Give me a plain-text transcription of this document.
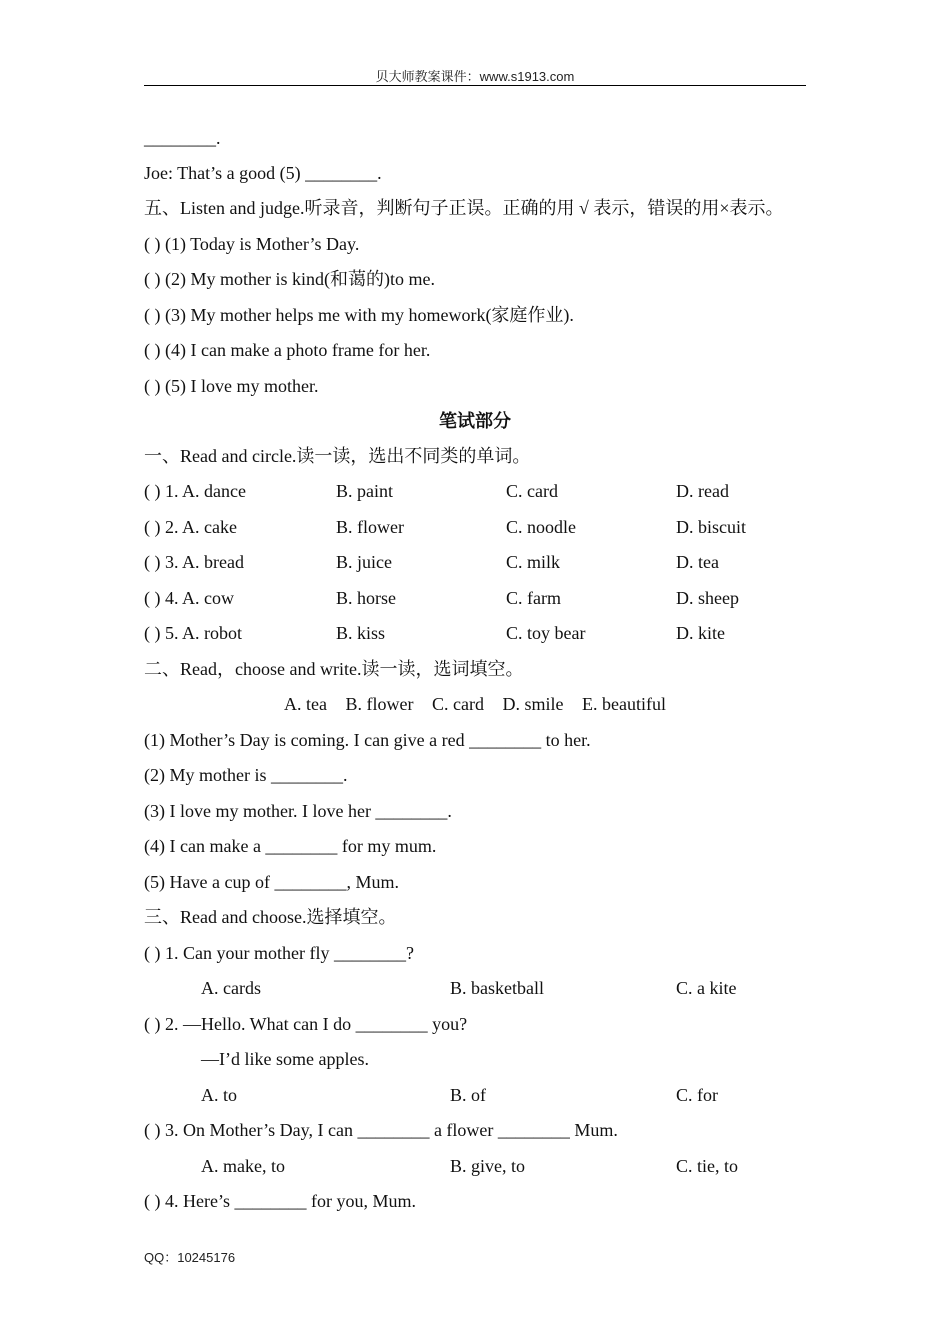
贝大师教案课件：www.s1913.com
________.
Joe: That’s a good (5) ________.
五、Listen and judge.听录音，判断句子正误。正确的用 √ 表示，错误的用×表示。
( ) (1) Today is Mother’s Day.
( ) (2) My mother is kind(和蔼的)to me.
( ) (3) My mother helps me with my homework(家庭作业).
( ) (4) I can make a photo frame for her.
( ) (5) I love my mother.
笔试部分
一、Read and circle.读一读，选出不同类的单词。
( ) 1. A. dance	B. paint	C. card	D. read
( ) 2. A. cake	B. flower	C. noodle	D. biscuit
( ) 3. A. bread	B. juice	C. milk	D. tea
( ) 4. A. cow	B. horse	C. farm	D. sheep
( ) 5. A. robot	B. kiss	C. toy bear	D. kite
二、Read，choose and write.读一读，选词填空。
A. tea B. flower C. card D. smile E. beautiful
(1) Mother’s Day is coming. I can give a red ________ to her.
(2) My mother is ________.
(3) I love my mother. I love her ________.
(4) I can make a ________ for my mum.
(5) Have a cup of ________, Mum.
三、Read and choose.选择填空。
( ) 1. Can your mother fly ________?
A. cards	B. basketball	C. a kite
( ) 2. —Hello. What can I do ________ you?
—I’d like some apples.
A. to	B. of	C. for
( ) 3. On Mother’s Day, I can ________ a flower ________ Mum.
A. make, to	B. give, to	C. tie, to
( ) 4. Here’s ________ for you, Mum.
QQ：10245176
